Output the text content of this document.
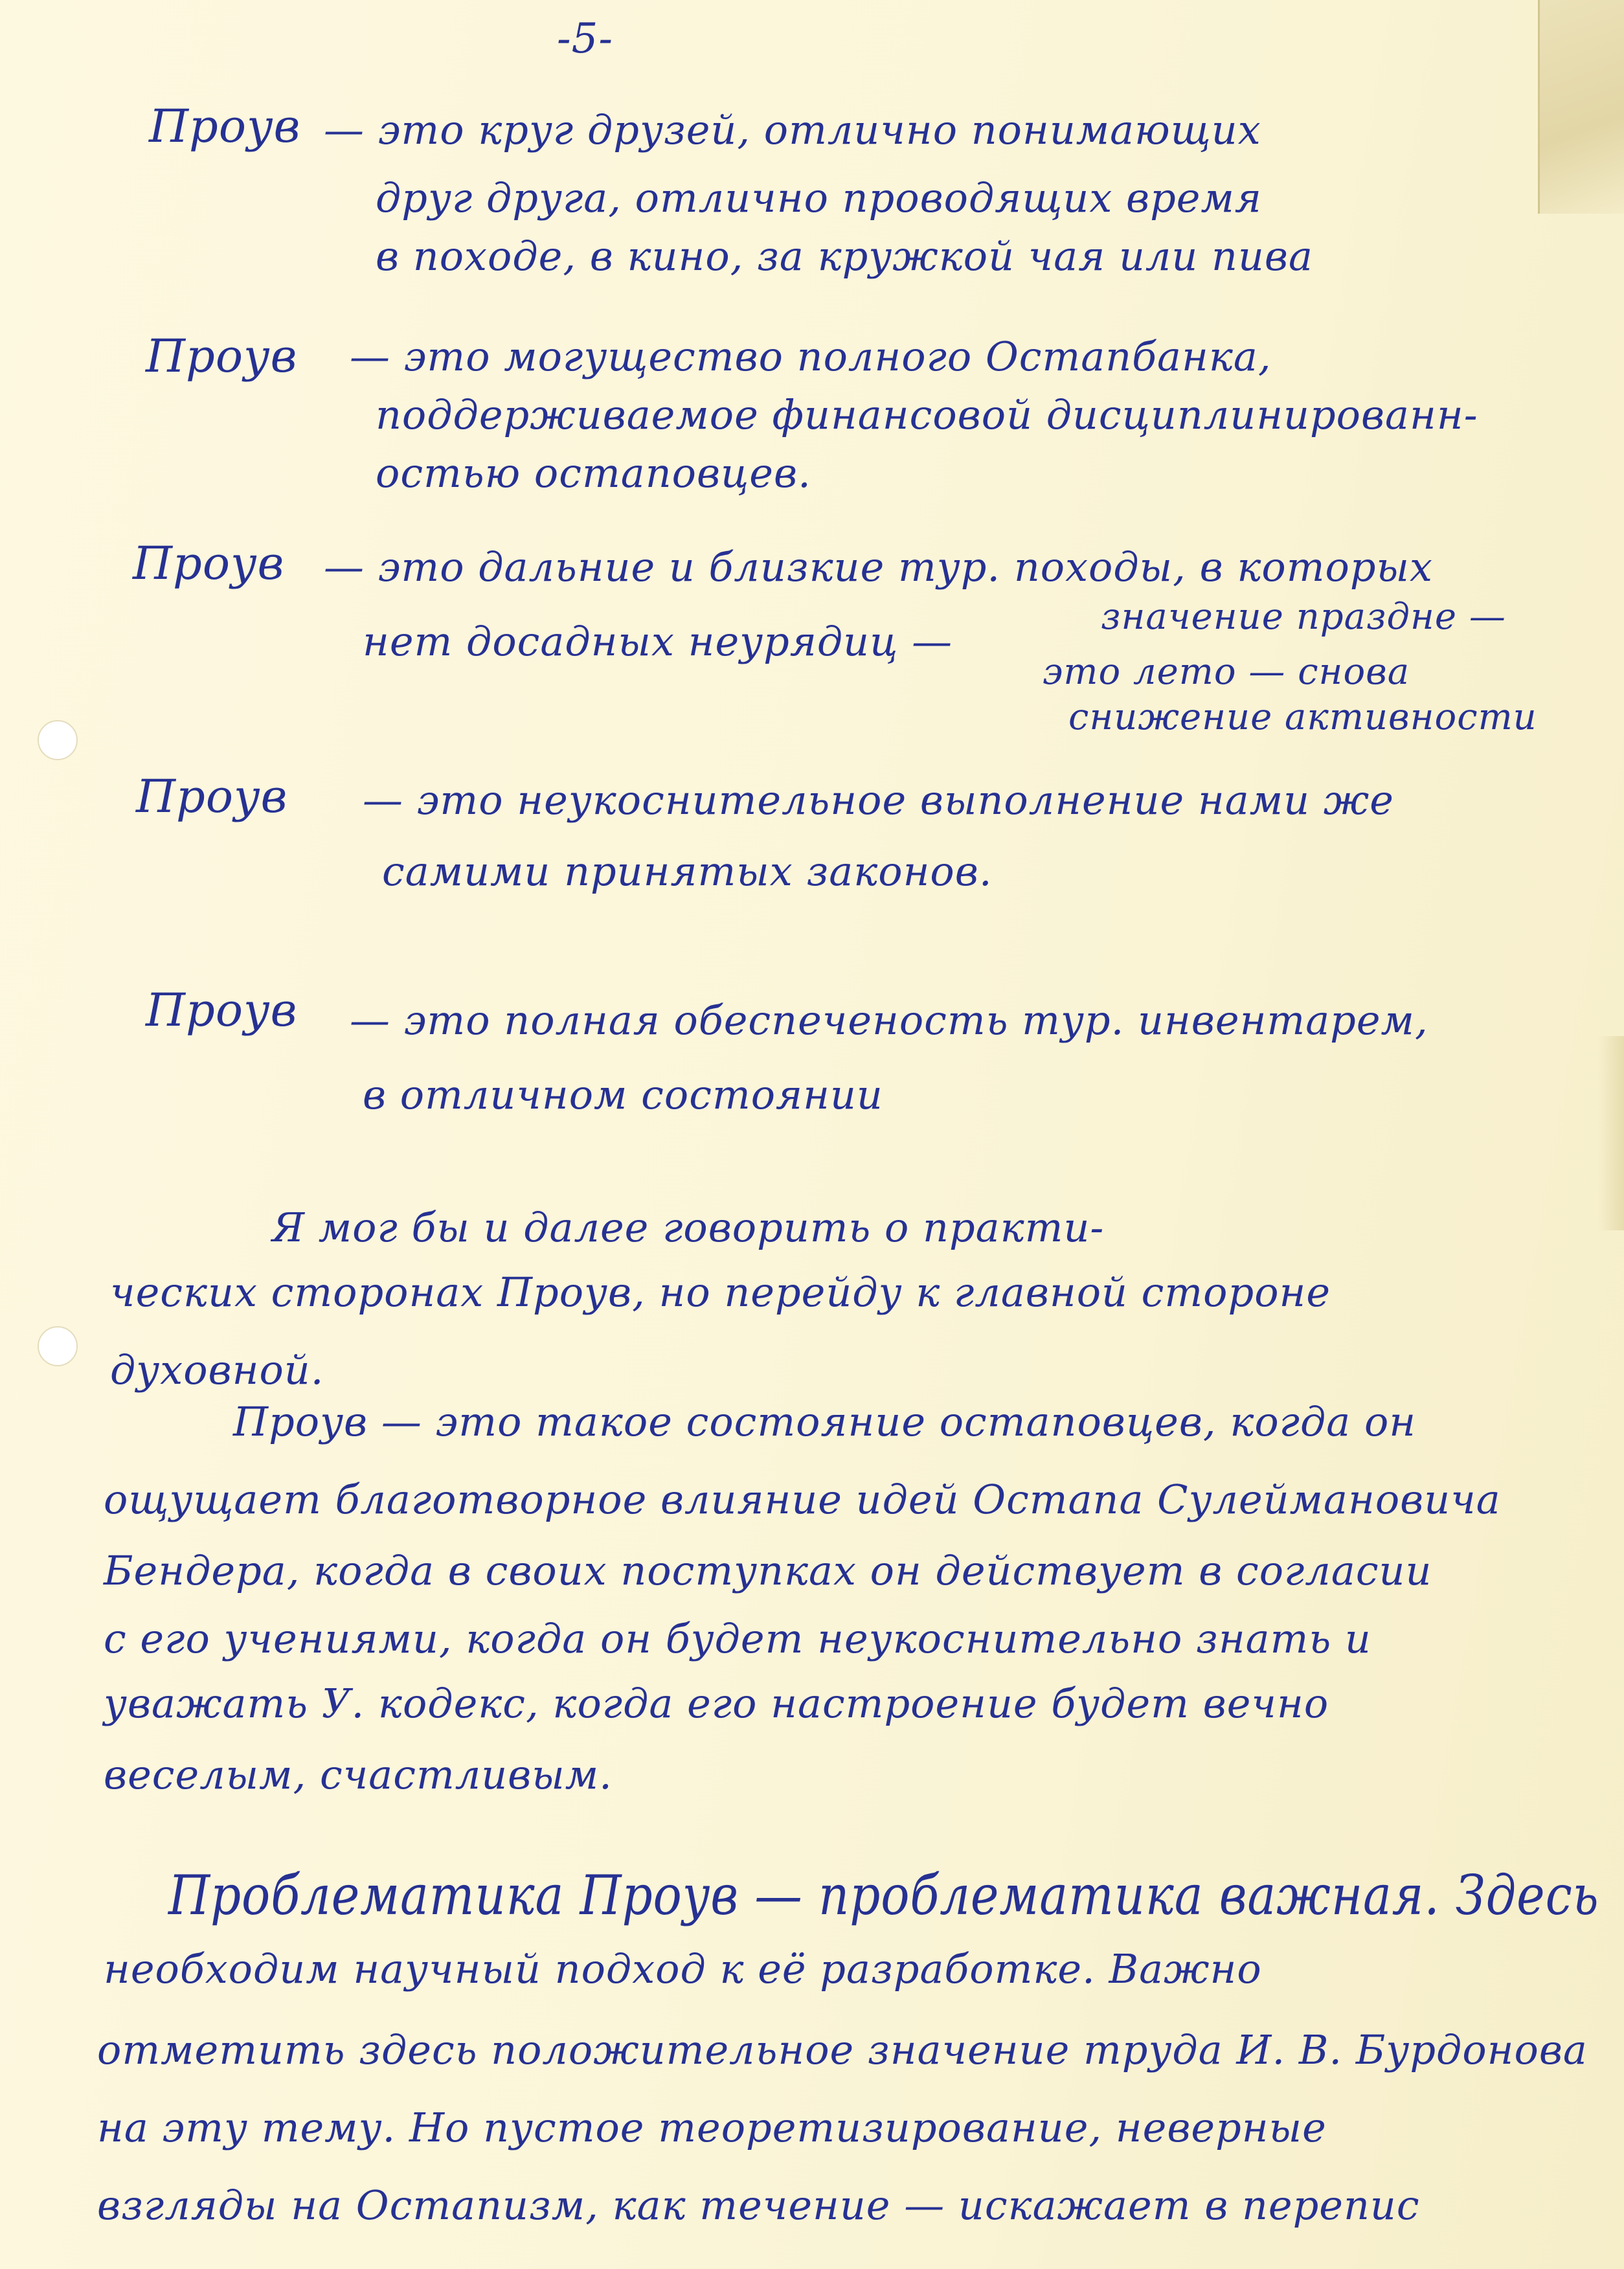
-5-
Проув — это круг друзей, отлично понимающих
друг друга, отлично проводящих время
в походе, в кино, за кружкой чая или пива
Проув — это могущество полного Остапбанка,
поддерживаемое финансовой дисциплинированн-
остью остаповцев.
Проув — это дальние и близкие тур. походы, в которых
нет досадных неурядиц —
значение празднe —
это лето — снова
снижение активности
Проув — это неукоснительное выполнение нами же
самими принятых законов.
Проув — это полная обеспеченость тур. инвентарем,
в отличном состоянии
Я мог бы и далее говорить о практи-
ческих сторонах Проув, но перейду к главной стороне
духовной.
Проув — это такое состояние остаповцев, когда он
ощущает благотворное влияние идей Остапа Сулеймановича
Бендера, когда в своих поступках он действует в согласии
с его учениями, когда он будет неукоснительно знать и
уважать У. кодекс, когда его настроение будет вечно
веселым, счастливым.
Проблематика Проув — проблематика важная. Здесь
необходим научный подход к её разработке. Важно
отметить здесь положительное значение труда И. В. Бурдонова
на эту тему. Но пустое теоретизирование, неверные
взгляды на Остапизм, как течение — искажает в перепис
